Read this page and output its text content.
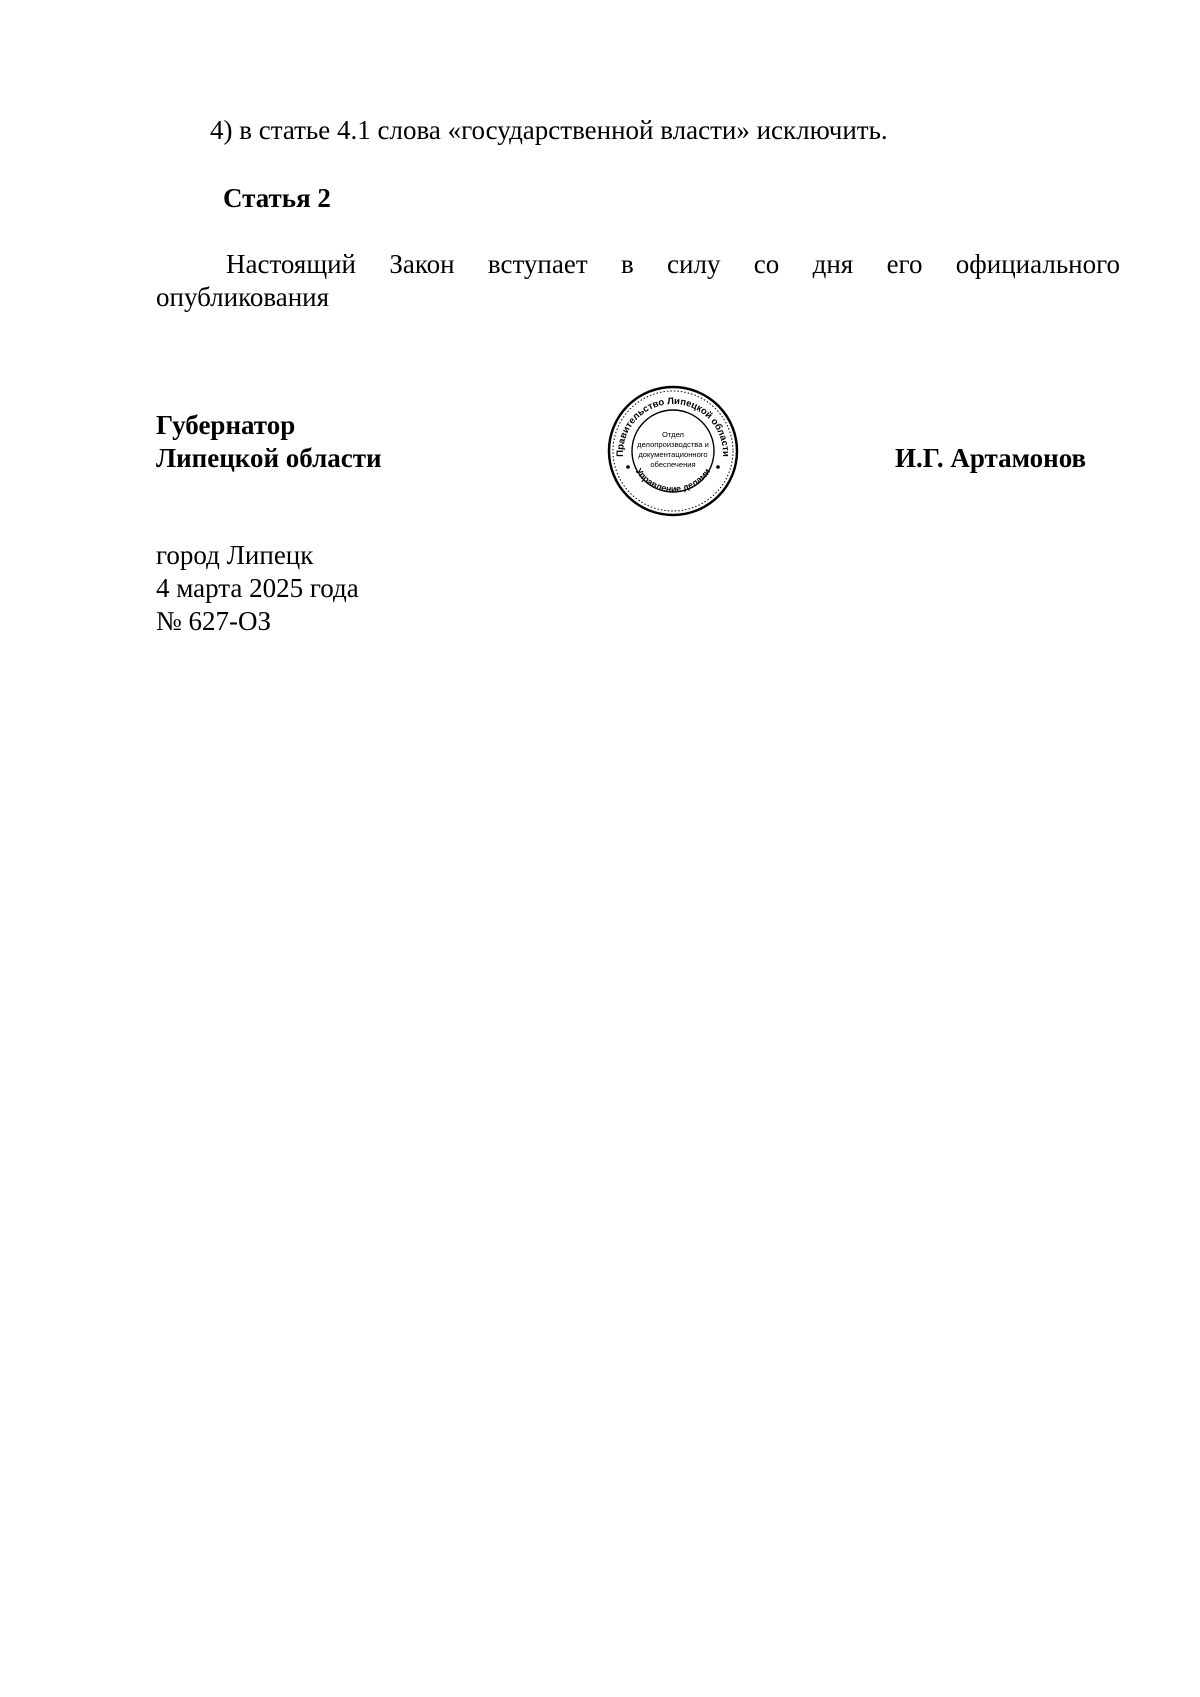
4) в статье 4.1 слова «государственной власти» исключить.
Статья 2
Настоящий Закон вступает в силу со дня его официального
опубликования
Губернатор
Липецкой области	И.Г. Артамонов
Правительство Липецкой области
Управление делами
Отдел
делопроизводства и
документационного
обеспечения
город Липецк
4 марта 2025 года
№ 627-ОЗ
